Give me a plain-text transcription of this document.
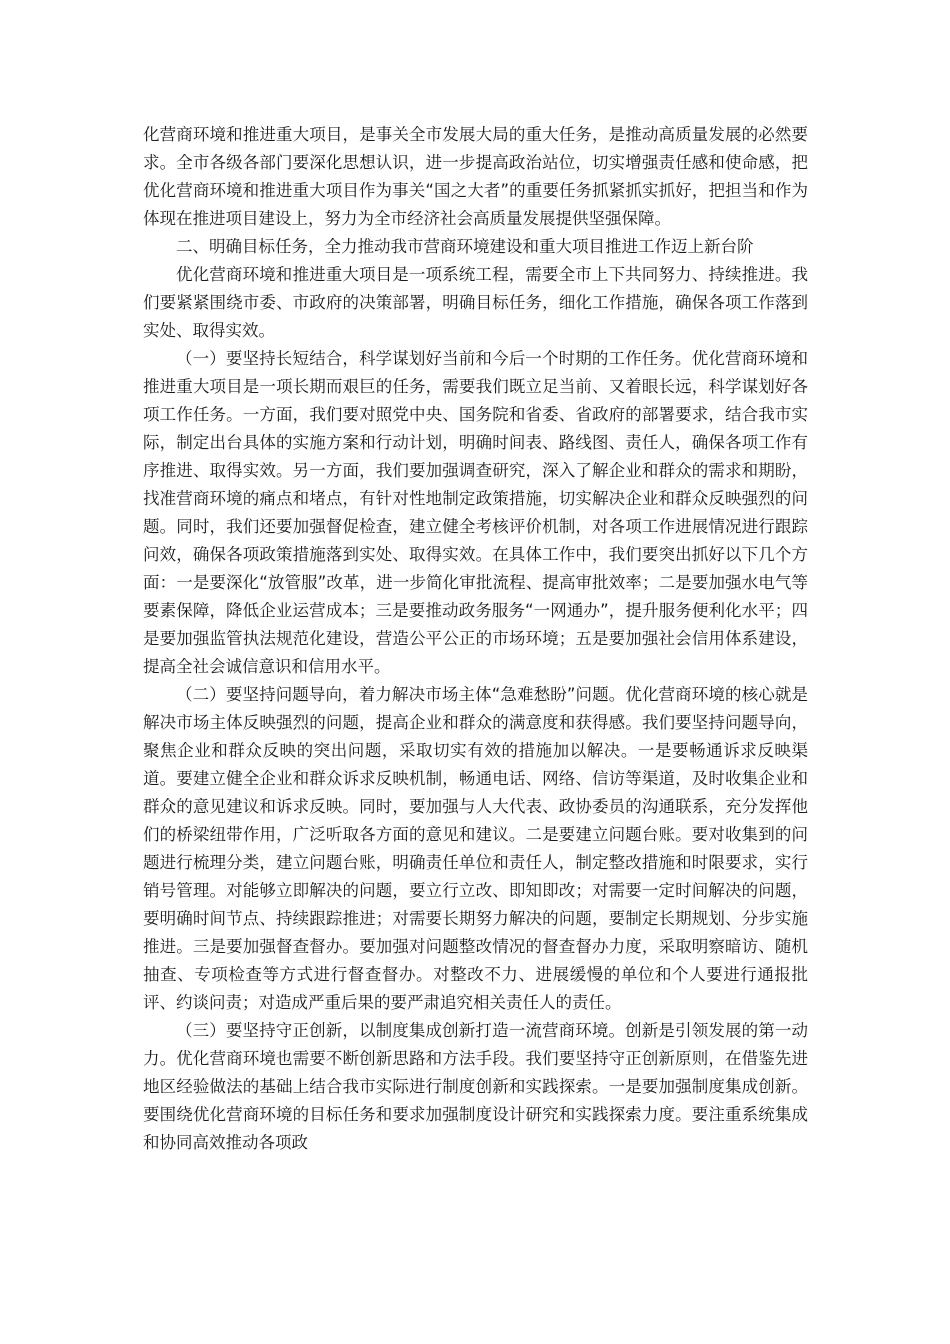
化营商环境和推进重大项目，是事关全市发展大局的重大任务，是推动高质量发展的必然要求。全市各级各部门要深化思想认识，进一步提高政治站位，切实增强责任感和使命感，把优化营商环境和推进重大项目作为事关“国之大者”的重要任务抓紧抓实抓好，把担当和作为体现在推进项目建设上，努力为全市经济社会高质量发展提供坚强保障。

二、明确目标任务，全力推动我市营商环境建设和重大项目推进工作迈上新台阶

优化营商环境和推进重大项目是一项系统工程，需要全市上下共同努力、持续推进。我们要紧紧围绕市委、市政府的决策部署，明确目标任务，细化工作措施，确保各项工作落到实处、取得实效。

（一）要坚持长短结合，科学谋划好当前和今后一个时期的工作任务。优化营商环境和推进重大项目是一项长期而艰巨的任务，需要我们既立足当前、又着眼长远，科学谋划好各项工作任务。一方面，我们要对照党中央、国务院和省委、省政府的部署要求，结合我市实际，制定出台具体的实施方案和行动计划，明确时间表、路线图、责任人，确保各项工作有序推进、取得实效。另一方面，我们要加强调查研究，深入了解企业和群众的需求和期盼，找准营商环境的痛点和堵点，有针对性地制定政策措施，切实解决企业和群众反映强烈的问题。同时，我们还要加强督促检查，建立健全考核评价机制，对各项工作进展情况进行跟踪问效，确保各项政策措施落到实处、取得实效。在具体工作中，我们要突出抓好以下几个方面：一是要深化“放管服”改革，进一步简化审批流程、提高审批效率；二是要加强水电气等要素保障，降低企业运营成本；三是要推动政务服务“一网通办”，提升服务便利化水平；四是要加强监管执法规范化建设，营造公平公正的市场环境；五是要加强社会信用体系建设，提高全社会诚信意识和信用水平。

（二）要坚持问题导向，着力解决市场主体“急难愁盼”问题。优化营商环境的核心就是解决市场主体反映强烈的问题，提高企业和群众的满意度和获得感。我们要坚持问题导向，聚焦企业和群众反映的突出问题，采取切实有效的措施加以解决。一是要畅通诉求反映渠道。要建立健全企业和群众诉求反映机制，畅通电话、网络、信访等渠道，及时收集企业和群众的意见建议和诉求反映。同时，要加强与人大代表、政协委员的沟通联系，充分发挥他们的桥梁纽带作用，广泛听取各方面的意见和建议。二是要建立问题台账。要对收集到的问题进行梳理分类，建立问题台账，明确责任单位和责任人，制定整改措施和时限要求，实行销号管理。对能够立即解决的问题，要立行立改、即知即改；对需要一定时间解决的问题，要明确时间节点、持续跟踪推进；对需要长期努力解决的问题，要制定长期规划、分步实施推进。三是要加强督查督办。要加强对问题整改情况的督查督办力度，采取明察暗访、随机抽查、专项检查等方式进行督查督办。对整改不力、进展缓慢的单位和个人要进行通报批评、约谈问责；对造成严重后果的要严肃追究相关责任人的责任。

（三）要坚持守正创新，以制度集成创新打造一流营商环境。创新是引领发展的第一动力。优化营商环境也需要不断创新思路和方法手段。我们要坚持守正创新原则，在借鉴先进地区经验做法的基础上结合我市实际进行制度创新和实践探索。一是要加强制度集成创新。要围绕优化营商环境的目标任务和要求加强制度设计研究和实践探索力度。要注重系统集成和协同高效推动各项政
